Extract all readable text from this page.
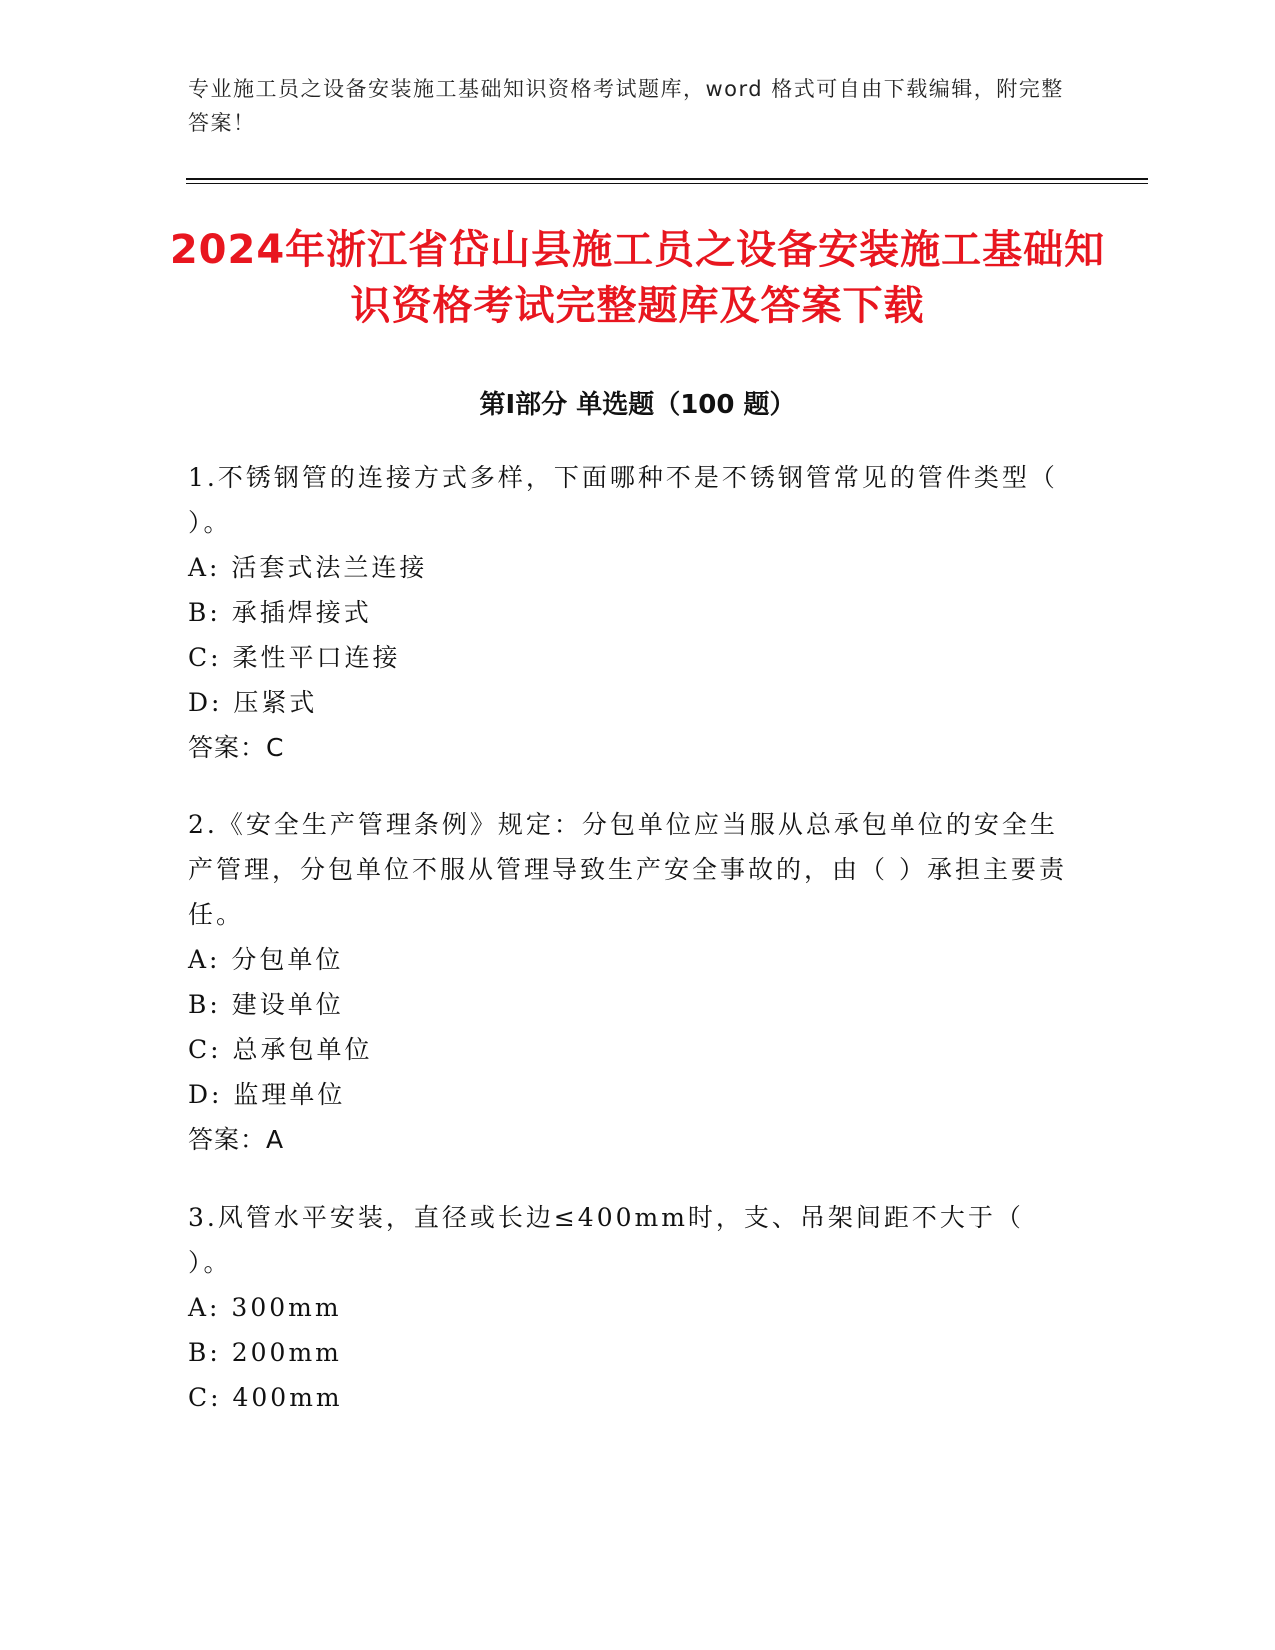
专业施工员之设备安装施工基础知识资格考试题库，word 格式可自由下载编辑，附完整答案！
2024年浙江省岱山县施工员之设备安装施工基础知识资格考试完整题库及答案下载
第Ⅰ部分 单选题（100 题）
1.不锈钢管的连接方式多样，下面哪种不是不锈钢管常见的管件类型（ ）。
A: 活套式法兰连接
B: 承插焊接式
C: 柔性平口连接
D: 压紧式
答案：C
2.《安全生产管理条例》规定：分包单位应当服从总承包单位的安全生产管理，分包单位不服从管理导致生产安全事故的，由（ ）承担主要责任。
A: 分包单位
B: 建设单位
C: 总承包单位
D: 监理单位
答案：A
3.风管水平安装，直径或长边≤400mm时，支、吊架间距不大于（ ）。
A: 300mm
B: 200mm
C: 400mm
